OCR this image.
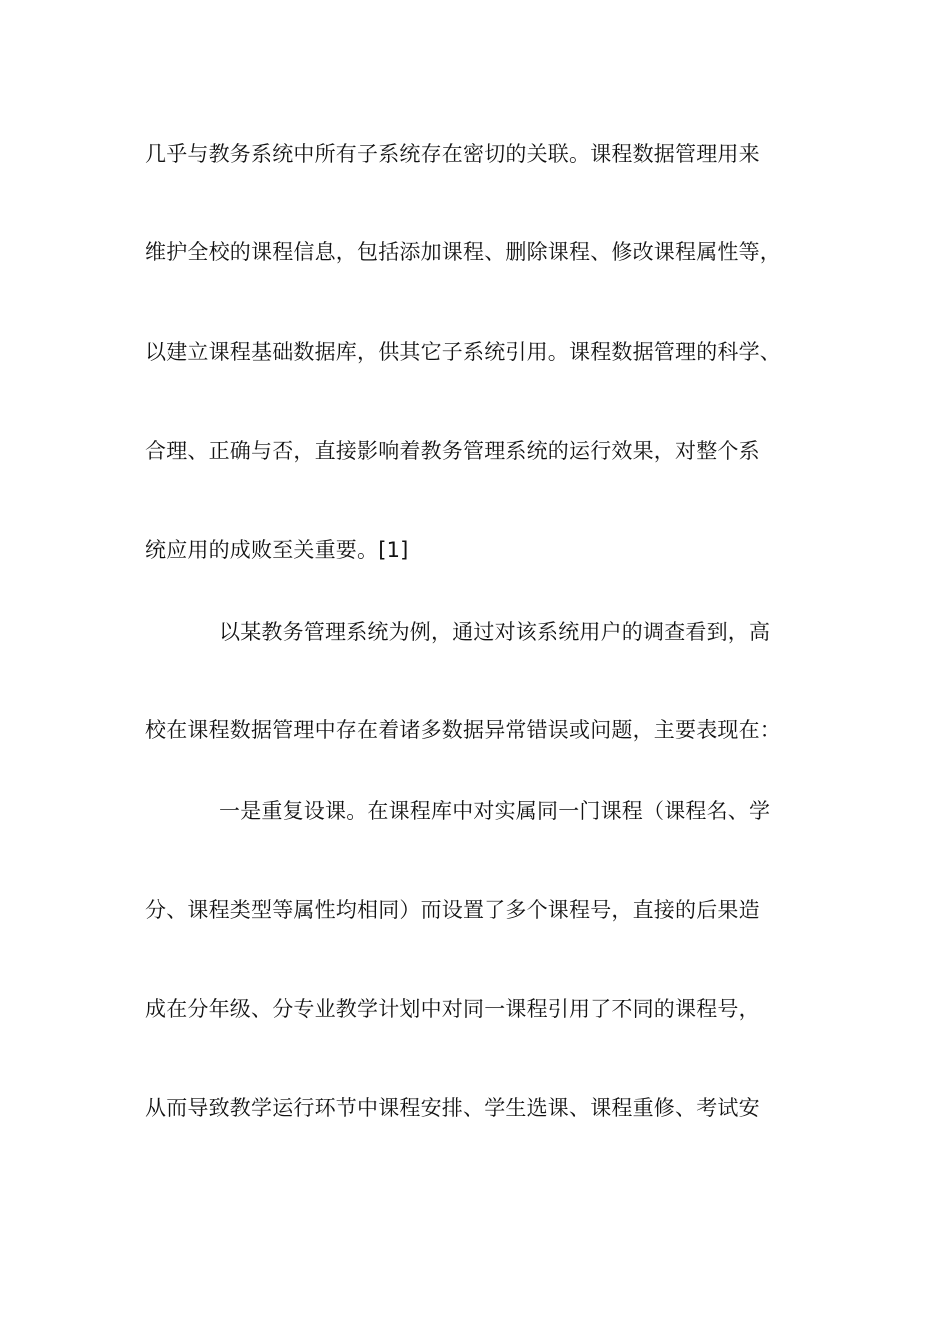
几乎与教务系统中所有子系统存在密切的关联。课程数据管理用来
维护全校的课程信息，包括添加课程、删除课程、修改课程属性等，
以建立课程基础数据库，供其它子系统引用。课程数据管理的科学、
合理、正确与否，直接影响着教务管理系统的运行效果，对整个系
统应用的成败至关重要。[1]
以某教务管理系统为例，通过对该系统用户的调查看到，高
校在课程数据管理中存在着诸多数据异常错误或问题，主要表现在：
一是重复设课。在课程库中对实属同一门课程（课程名、学
分、课程类型等属性均相同）而设置了多个课程号，直接的后果造
成在分年级、分专业教学计划中对同一课程引用了不同的课程号，
从而导致教学运行环节中课程安排、学生选课、课程重修、考试安
